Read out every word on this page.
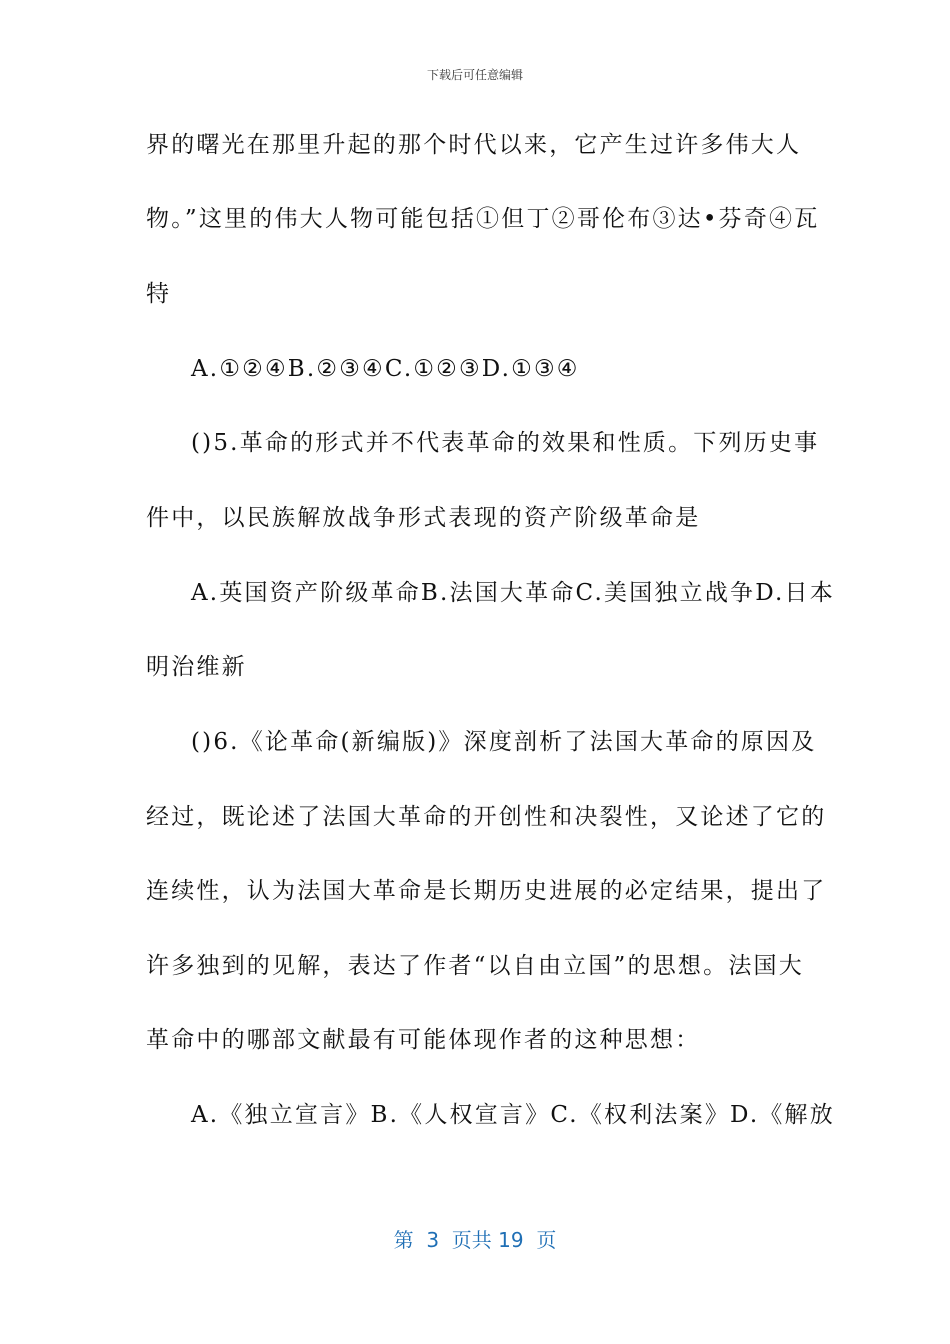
下载后可任意编辑
界的曙光在那里升起的那个时代以来，它产生过许多伟大人
物。”这里的伟大人物可能包括①但丁②哥伦布③达•芬奇④瓦
特
A.①②④B.②③④C.①②③D.①③④
()5.革命的形式并不代表革命的效果和性质。下列历史事
件中，以民族解放战争形式表现的资产阶级革命是
A.英国资产阶级革命B.法国大革命C.美国独立战争D.日本
明治维新
()6.《论革命(新编版)》深度剖析了法国大革命的原因及
经过，既论述了法国大革命的开创性和决裂性，又论述了它的
连续性，认为法国大革命是长期历史进展的必定结果，提出了
许多独到的见解，表达了作者“以自由立国”的思想。法国大
革命中的哪部文献最有可能体现作者的这种思想：
A.《独立宣言》B.《人权宣言》C.《权利法案》D.《解放
第  3  页共 19  页
